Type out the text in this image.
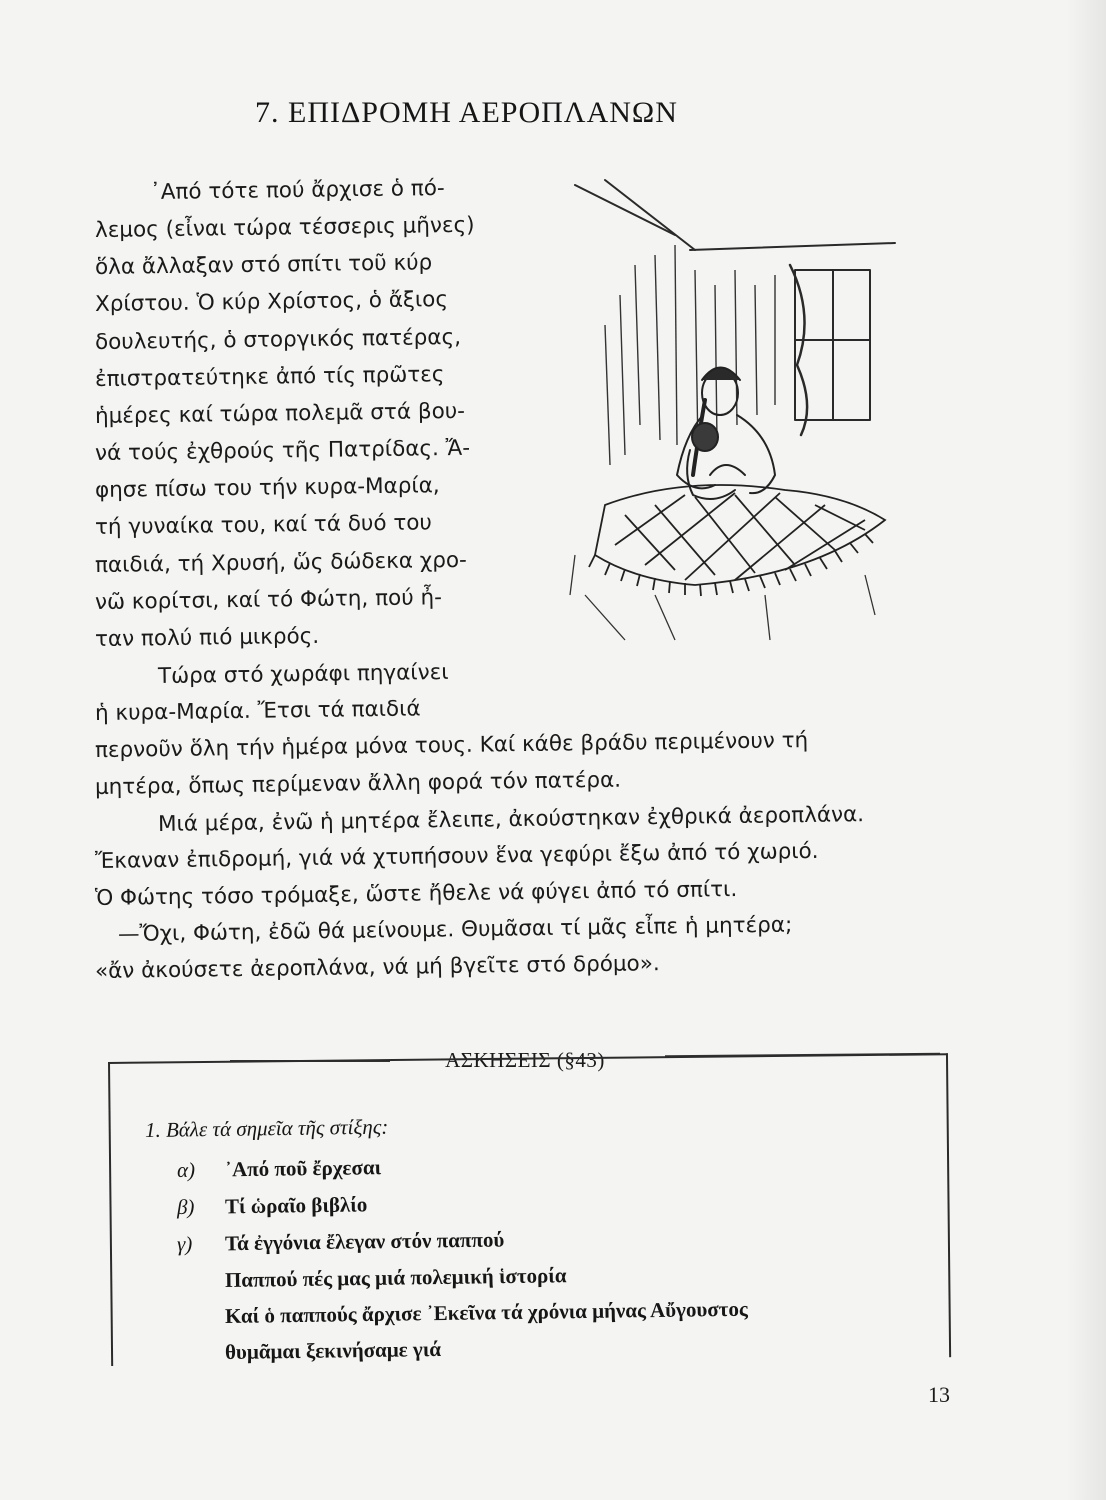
7. ΕΠΙΔΡΟΜΗ ΑΕΡΟΠΛΑΝΩΝ
᾽Από τότε πού ἄρχισε ὁ πό-
λεμος (εἶναι τώρα τέσσερις μῆνες)
ὅλα ἄλλαξαν στό σπίτι τοῦ κύρ
Χρίστου. Ὁ κύρ Χρίστος, ὁ ἄξιος
δουλευτής, ὁ στοργικός πατέρας,
ἐπιστρατεύτηκε ἀπό τίς πρῶτες
ἡμέρες καί τώρα πολεμᾶ στά βου-
νά τούς ἐχθρούς τῆς Πατρίδας. Ἄ-
φησε πίσω του τήν κυρα-Μαρία,
τή γυναίκα του, καί τά δυό του
παιδιά, τή Χρυσή, ὥς δώδεκα χρο-
νῶ κορίτσι, καί τό Φώτη, πού ἦ-
ταν πολύ πιό μικρός.
Τώρα στό χωράφι πηγαίνει
ἡ κυρα-Μαρία. Ἔτσι τά παιδιά
περνοῦν ὅλη τήν ἡμέρα μόνα τους. Καί κάθε βράδυ περιμένουν τή
μητέρα, ὅπως περίμεναν ἄλλη φορά τόν πατέρα.
Μιά μέρα, ἐνῶ ἡ μητέρα ἔλειπε, ἀκούστηκαν ἐχθρικά ἀεροπλάνα.
Ἔκαναν ἐπιδρομή, γιά νά χτυπήσουν ἕνα γεφύρι ἔξω ἀπό τό χωριό.
Ὁ Φώτης τόσο τρόμαξε, ὥστε ἤθελε νά φύγει ἀπό τό σπίτι.
—Ὄχι, Φώτη, ἐδῶ θά μείνουμε. Θυμᾶσαι τί μᾶς εἶπε ἡ μητέρα;
«ἄν ἀκούσετε ἀεροπλάνα, νά μή βγεῖτε στό δρόμο».
ΑΣΚΗΣΕΙΣ (§43)
1. Βάλε τά σημεῖα τῆς στίξης:
α) ᾽Από ποῦ ἔρχεσαι
β) Τί ὡραῖο βιβλίο
γ) Τά ἐγγόνια ἔλεγαν στόν παππού
Παππού πές μας μιά πολεμική ἱστορία
Καί ὁ παππούς ἄρχισε ᾽Εκεῖνα τά χρόνια μήνας Αὔγουστος
θυμᾶμαι ξεκινήσαμε γιά
13
